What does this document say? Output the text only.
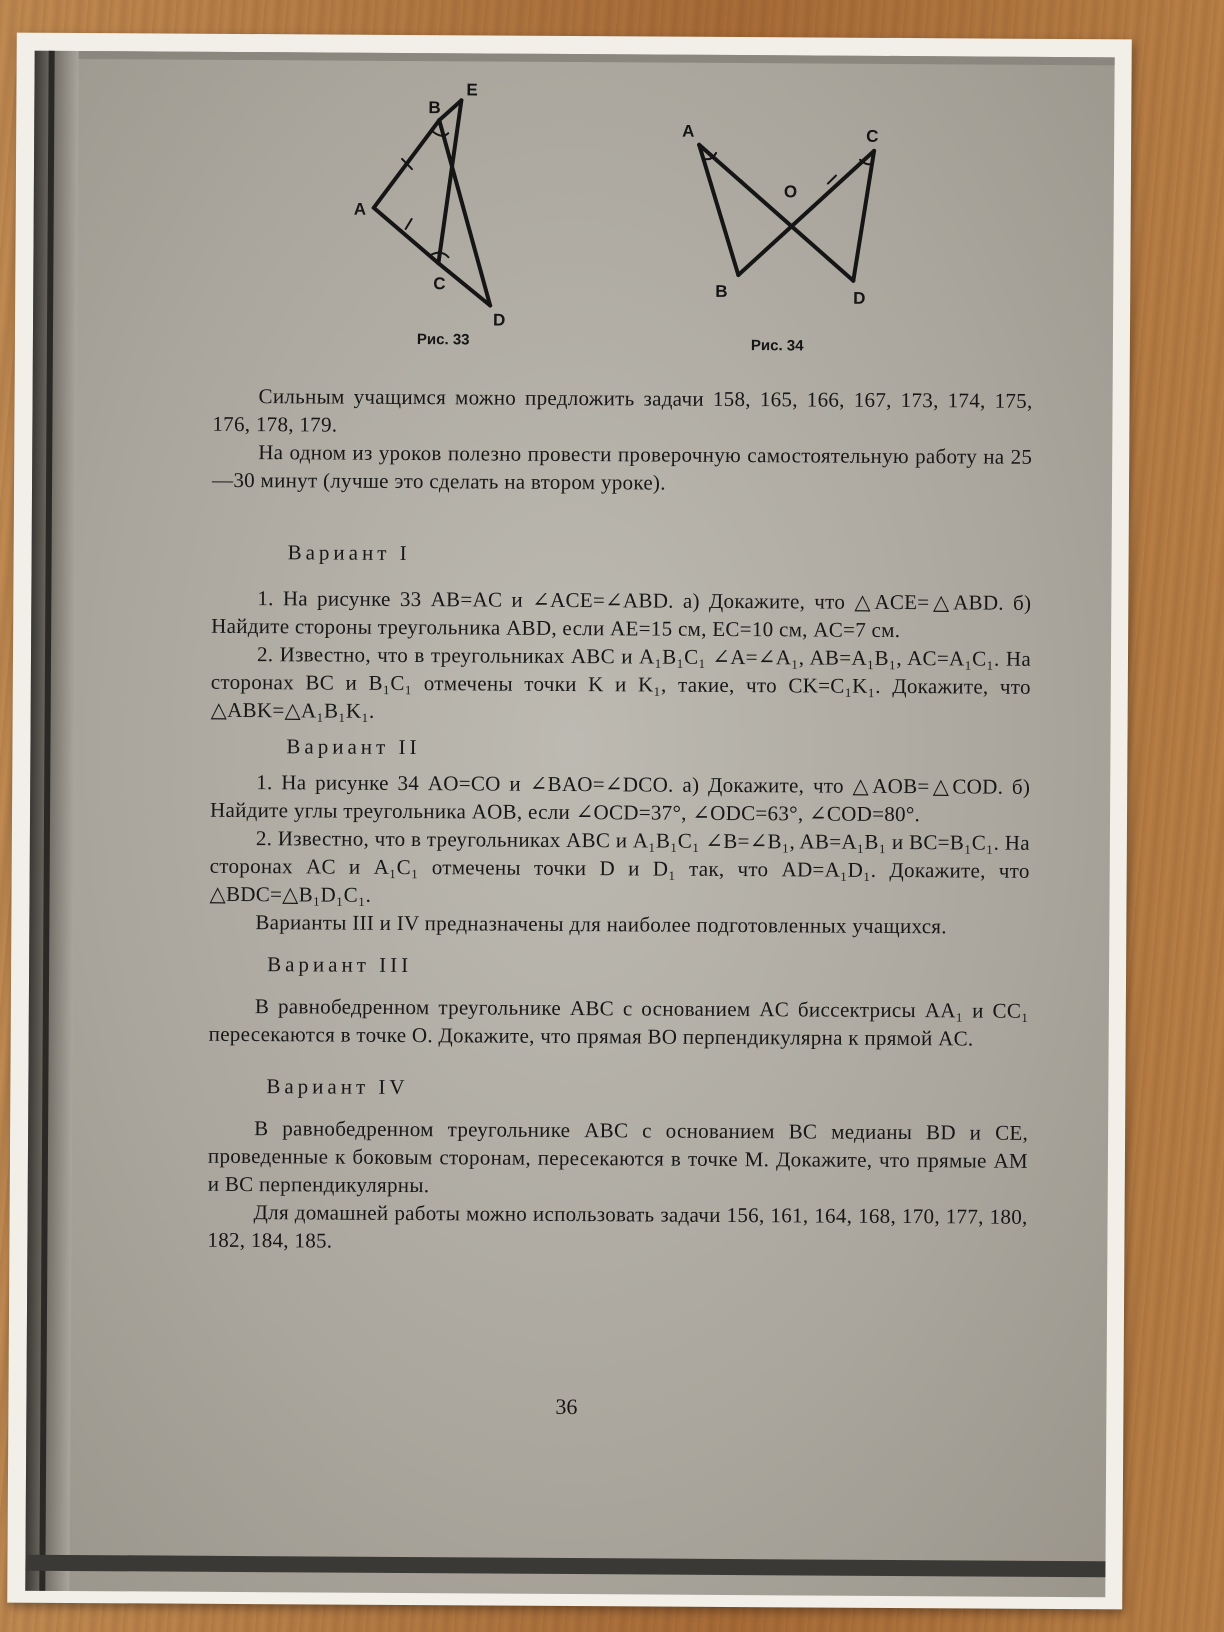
B
E
A
C
D
A	C
O
B	D
Рис. 33	Рис. 34

Сильным учащимся можно предложить задачи 158, 165, 166, 167, 173, 174, 175, 176, 178, 179.

На одном из уроков полезно провести проверочную самостоятельную работу на 25—30 минут (лучше это сделать на втором уроке).

Вариант I

1. На рисунке 33 AB=AC и ∠ACE=∠ABD. а) Докажите, что △ACE=△ABD. б) Найдите стороны треугольника ABD, если AE=15 см, EC=10 см, AC=7 см.

2. Известно, что в треугольниках ABC и A₁B₁C₁ ∠A=∠A₁, AB=A₁B₁, AC=A₁C₁. На сторонах BC и B₁C₁ отмечены точки K и K₁, такие, что CK=C₁K₁. Докажите, что △ABK=△A₁B₁K₁.

Вариант II

1. На рисунке 34 AO=CO и ∠BAO=∠DCO. а) Докажите, что △AOB=△COD. б) Найдите углы треугольника AOB, если ∠OCD=37°, ∠ODC=63°, ∠COD=80°.

2. Известно, что в треугольниках ABC и A₁B₁C₁ ∠B=∠B₁, AB=A₁B₁ и BC=B₁C₁. На сторонах AC и A₁C₁ отмечены точки D и D₁ так, что AD=A₁D₁. Докажите, что △BDC=△B₁D₁C₁.

Варианты III и IV предназначены для наиболее подготовленных учащихся.

Вариант III

В равнобедренном треугольнике ABC с основанием AC биссектрисы AA₁ и CC₁ пересекаются в точке O. Докажите, что прямая BO перпендикулярна к прямой AC.

Вариант IV

В равнобедренном треугольнике ABC с основанием BC медианы BD и CE, проведенные к боковым сторонам, пересекаются в точке M. Докажите, что прямые AM и BC перпендикулярны.

Для домашней работы можно использовать задачи 156, 161, 164, 168, 170, 177, 180, 182, 184, 185.

36
